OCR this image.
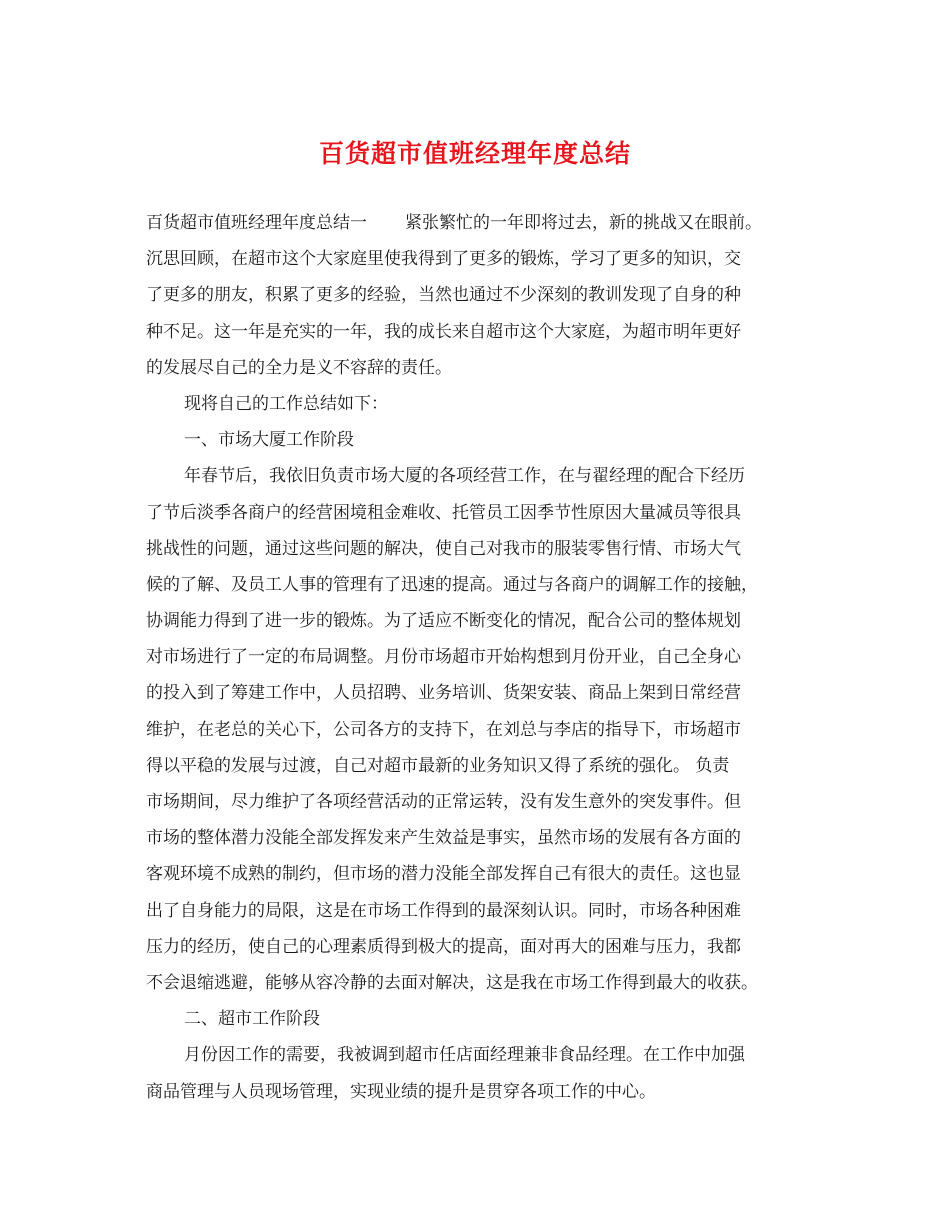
百货超市值班经理年度总结
百货超市值班经理年度总结一 紧张繁忙的一年即将过去，新的挑战又在眼前。
沉思回顾，在超市这个大家庭里使我得到了更多的锻炼，学习了更多的知识，交
了更多的朋友，积累了更多的经验，当然也通过不少深刻的教训发现了自身的种
种不足。这一年是充实的一年，我的成长来自超市这个大家庭，为超市明年更好
的发展尽自己的全力是义不容辞的责任。
现将自己的工作总结如下：
一、市场大厦工作阶段
年春节后，我依旧负责市场大厦的各项经营工作，在与翟经理的配合下经历
了节后淡季各商户的经营困境租金难收、托管员工因季节性原因大量减员等很具
挑战性的问题，通过这些问题的解决，使自己对我市的服装零售行情、市场大气
候的了解、及员工人事的管理有了迅速的提高。通过与各商户的调解工作的接触，
协调能力得到了进一步的锻炼。为了适应不断变化的情况，配合公司的整体规划
对市场进行了一定的布局调整。月份市场超市开始构想到月份开业，自己全身心
的投入到了筹建工作中，人员招聘、业务培训、货架安装、商品上架到日常经营
维护，在老总的关心下，公司各方的支持下，在刘总与李店的指导下，市场超市
得以平稳的发展与过渡，自己对超市最新的业务知识又得了系统的强化。 负责
市场期间，尽力维护了各项经营活动的正常运转，没有发生意外的突发事件。但
市场的整体潜力没能全部发挥发来产生效益是事实，虽然市场的发展有各方面的
客观环境不成熟的制约，但市场的潜力没能全部发挥自己有很大的责任。这也显
出了自身能力的局限，这是在市场工作得到的最深刻认识。同时，市场各种困难
压力的经历，使自己的心理素质得到极大的提高，面对再大的困难与压力，我都
不会退缩逃避，能够从容冷静的去面对解决，这是我在市场工作得到最大的收获。
二、超市工作阶段
月份因工作的需要，我被调到超市任店面经理兼非食品经理。在工作中加强
商品管理与人员现场管理，实现业绩的提升是贯穿各项工作的中心。
